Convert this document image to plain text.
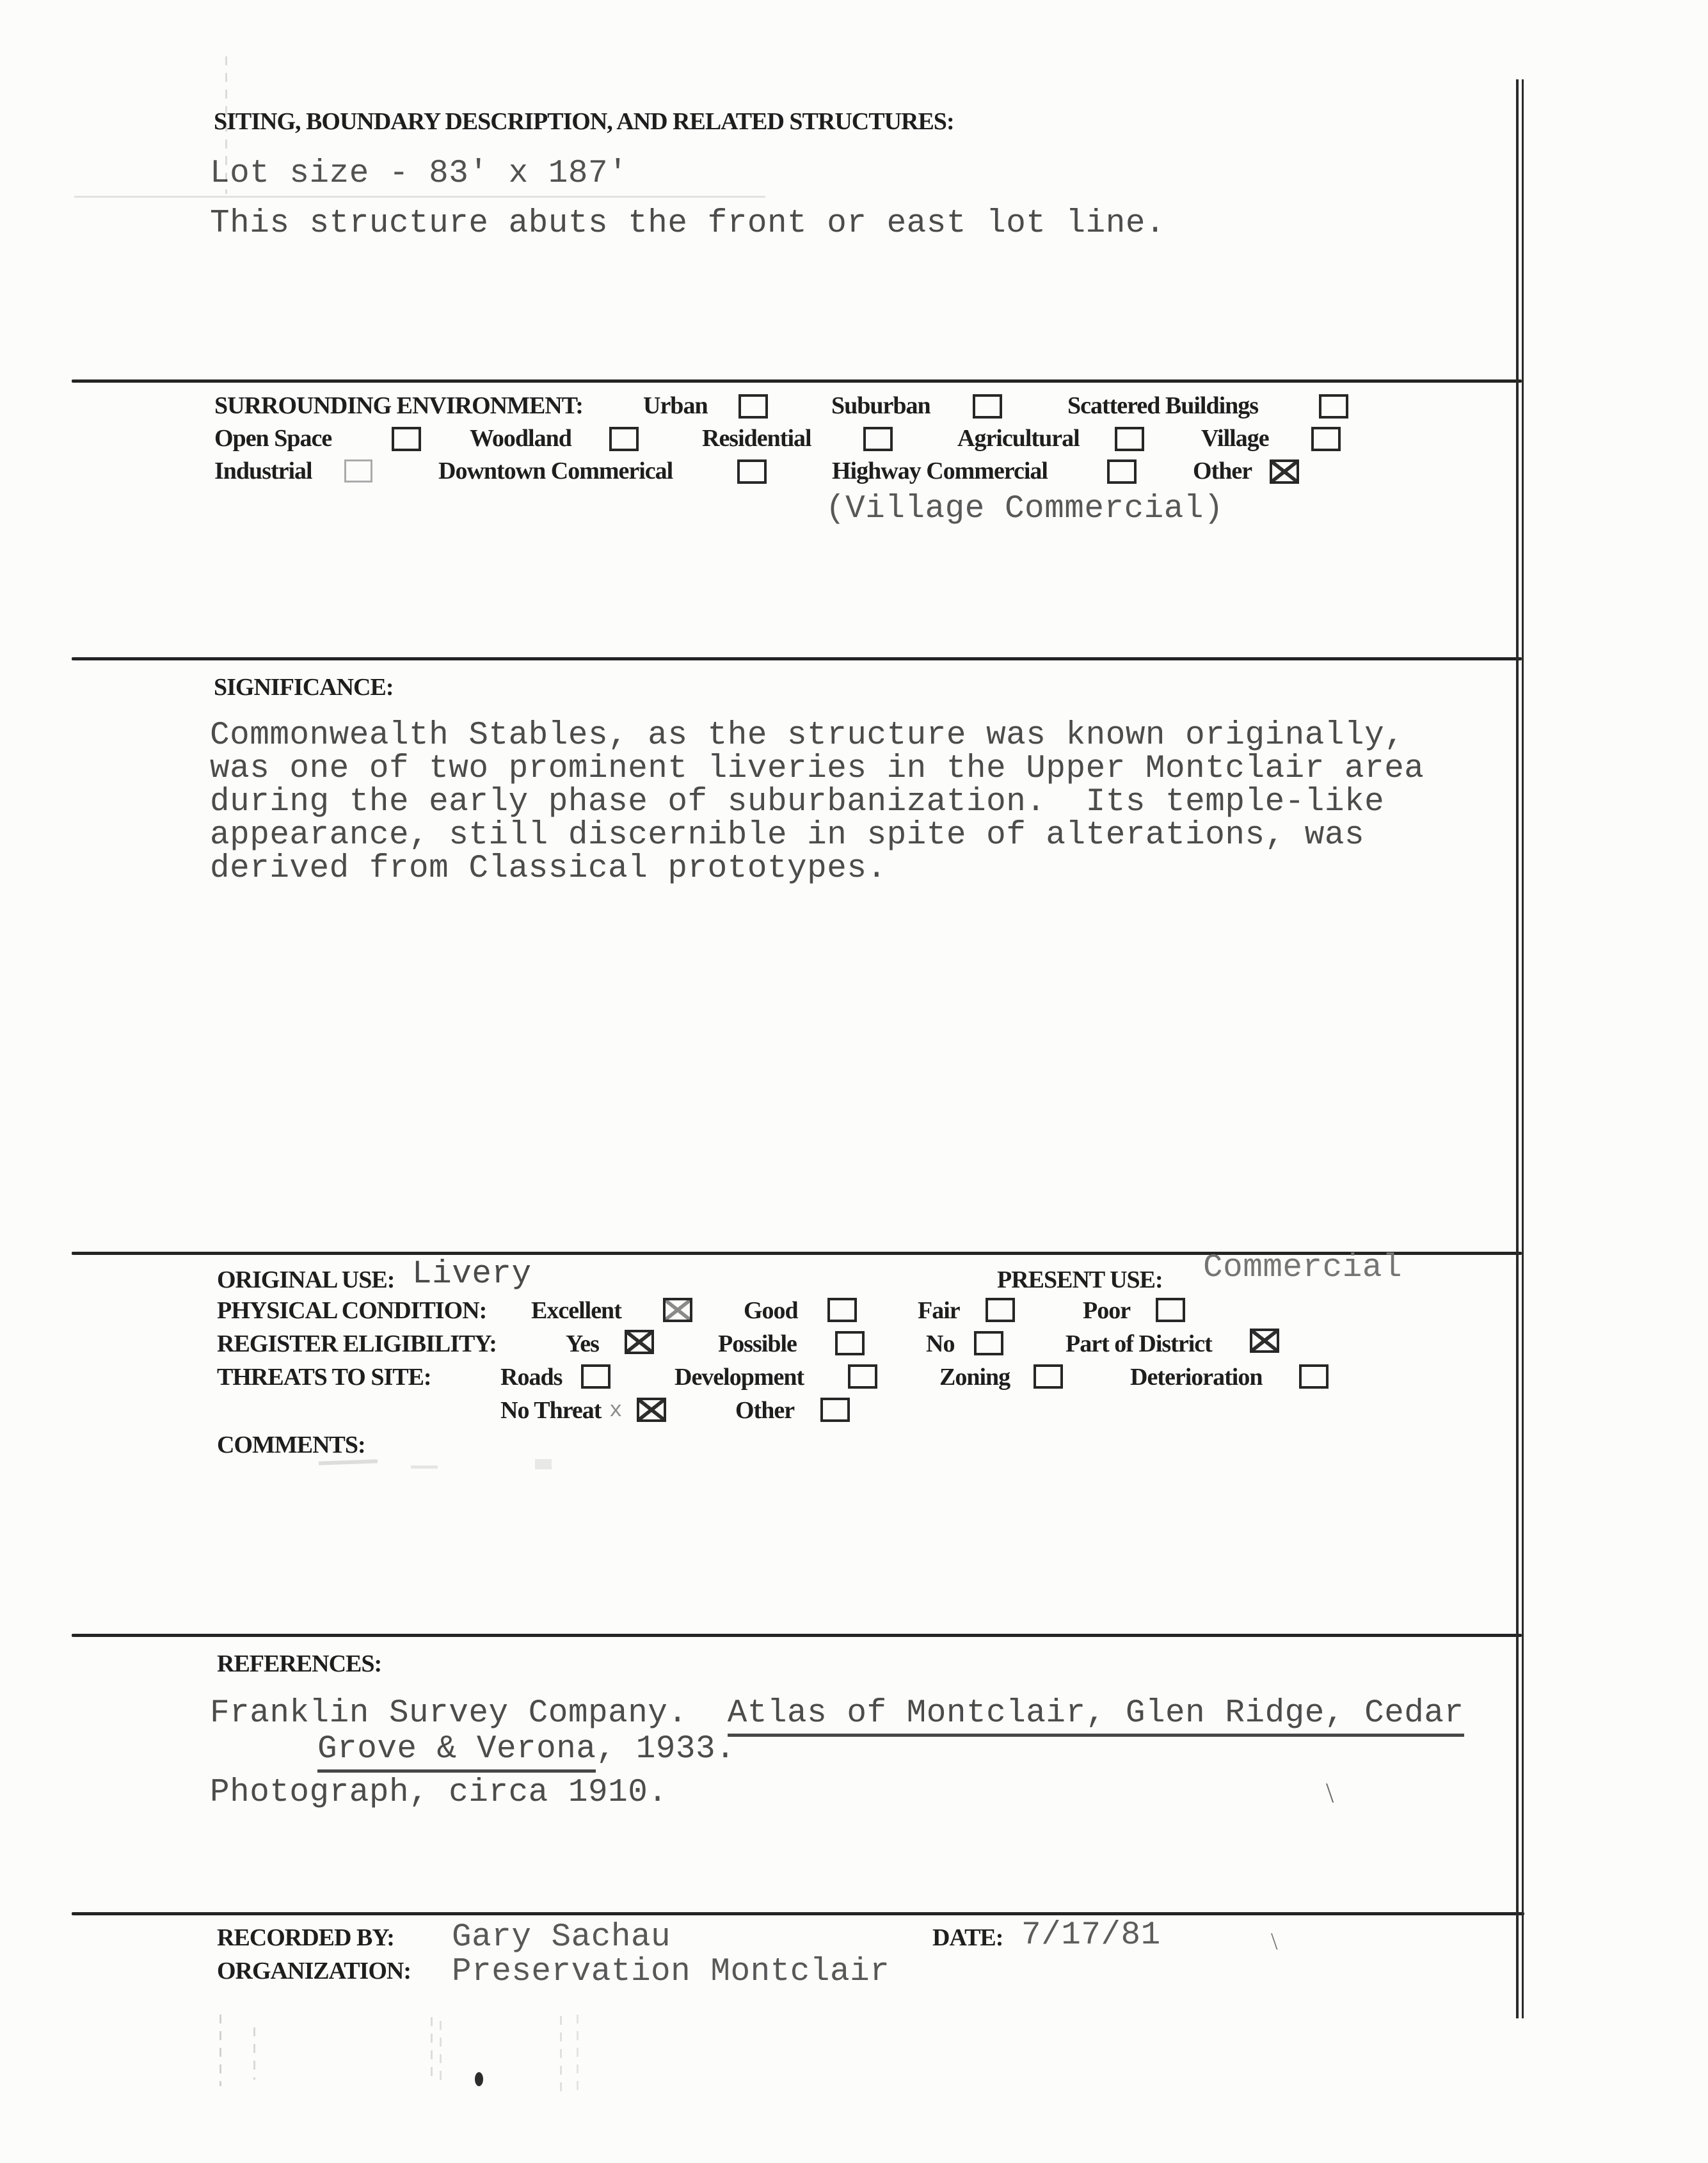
SITING, BOUNDARY DESCRIPTION, AND RELATED STRUCTURES:
Lot size - 83' x 187'
This structure abuts the front or east lot line.
SURROUNDING ENVIRONMENT: Urban	Suburban	Scattered Buildings
Open Space	Woodland	Residential	Agricultural	Village
Industrial	Downtown Commerical	Highway Commercial	Other
(Village Commercial)
SIGNIFICANCE:
Commonwealth Stables, as the structure was known originally,
was one of two prominent liveries in the Upper Montclair area
during the early phase of suburbanization.  Its temple-like
appearance, still discernible in spite of alterations, was
derived from Classical prototypes.
ORIGINAL USE: Livery	PRESENT USE: Commercial
PHYSICAL CONDITION: Excellent	Good	Fair	Poor
REGISTER ELIGIBILITY:	Yes	Possible	No	Part of District
THREATS TO SITE:	Roads	Development	Zoning	Deterioration
No Threat x	Other
COMMENTS:
REFERENCES:
Franklin Survey Company.  Atlas of Montclair, Glen Ridge, Cedar
Grove & Verona, 1933.
Photograph, circa 1910.	\
RECORDED BY: Gary Sachau	DATE: 7/17/81	\
ORGANIZATION: Preservation Montclair
